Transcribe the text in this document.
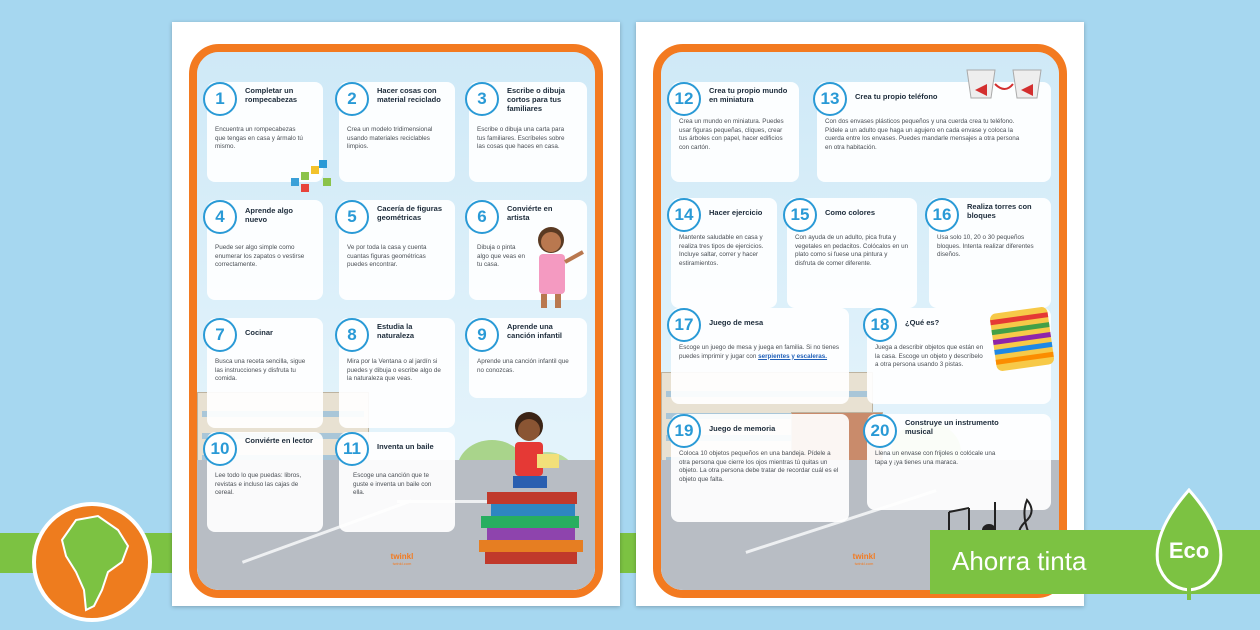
1	Completar un rompecabezas
Encuentra un rompecabezas que tengas en casa y ármalo tú mismo.
2	Hacer cosas con material reciclado
Crea un modelo tridimensional usando materiales reciclables limpios.
3	Escribe o dibuja cortos para tus familiares
Escribe o dibuja una carta para tus familiares. Escríbeles sobre las cosas que haces en casa.
4	Aprende algo nuevo
Puede ser algo simple como enumerar los zapatos o vestirse correctamente.
5	Cacería de figuras geométricas
Ve por toda la casa y cuenta cuantas figuras geométricas puedes encontrar.
6	Conviérte en artista
Dibuja o pinta algo que veas en tu casa.
7	Cocinar
Busca una receta sencilla, sigue las instrucciones y disfruta tu comida.
8	Estudia la naturaleza
Mira por la Ventana o al jardín si puedes y dibuja o escribe algo de la naturaleza que veas.
9	Aprende una canción infantil
Aprende una canción infantil que no conozcas.
10	Conviérte en lector
Lee todo lo que puedas: libros, revistas e incluso las cajas de cereal.
11	Inventa un baile
Escoge una canción que te guste e inventa un baile con ella.
twinkl
twinkl.com
12	Crea tu propio mundo en miniatura
Crea un mundo en miniatura. Puedes usar figuras pequeñas, cliques, crear tus árboles con papel, hacer edificios con cartón.
13	Crea tu propio teléfono
Con dos envases plásticos pequeños y una cuerda crea tu teléfono. Pídele a un adulto que haga un agujero en cada envase y coloca la cuerda entre los envases. Puedes mandarle mensajes a otra persona en otra habitación.
14	Hacer ejercicio
Mantente saludable en casa y realiza tres tipos de ejercicios. Incluye saltar, correr y hacer estiramientos.
15	Como colores
Con ayuda de un adulto, pica fruta y vegetales en pedacitos. Colócalos en un plato como si fuese una pintura y disfruta de comer diferente.
16	Realiza torres con bloques
Usa solo 10, 20 o 30 pequeños bloques. Intenta realizar diferentes diseños.
17	Juego de mesa
Escoge un juego de mesa y juega en familia. Si no tienes puedes imprimir y jugar con serpientes y escaleras.
18	¿Qué es?
Juega a describir objetos que están en la casa. Escoge un objeto y descríbelo a otra persona usando 3 pistas.
19	Juego de memoria
Coloca 10 objetos pequeños en una bandeja. Pídele a otra persona que cierre los ojos mientras tú quitas un objeto. La otra persona debe tratar de recordar cuál es el objeto que falta.
20	Construye un instrumento musical
Llena un envase con frijoles o colócale una tapa y ¡ya tienes una maraca.
twinkl
twinkl.com	Ahorra tinta	Eco
